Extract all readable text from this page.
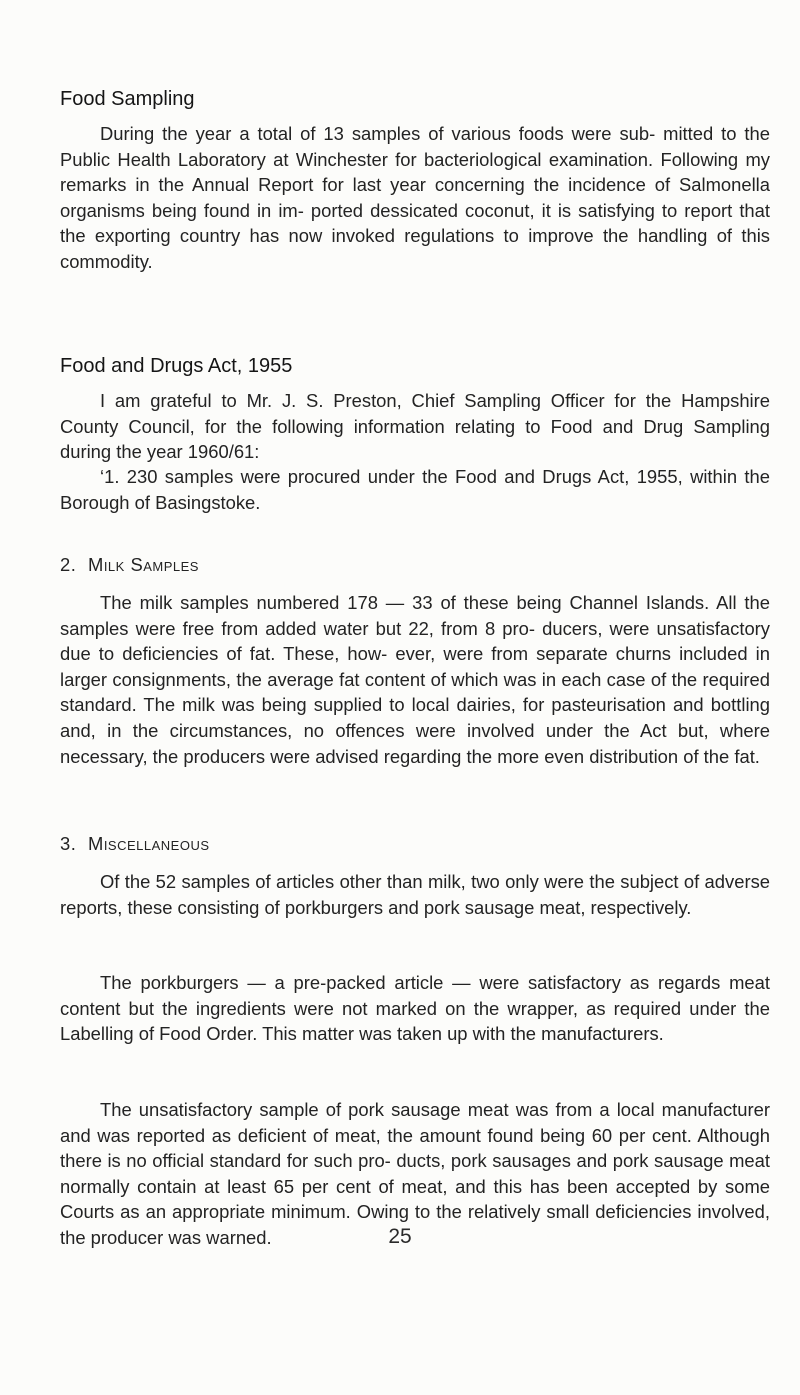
Food Sampling

During the year a total of 13 samples of various foods were sub- mitted to the Public Health Laboratory at Winchester for bacteriological examination. Following my remarks in the Annual Report for last year concerning the incidence of Salmonella organisms being found in im- ported dessicated coconut, it is satisfying to report that the exporting country has now invoked regulations to improve the handling of this commodity.

Food and Drugs Act, 1955

I am grateful to Mr. J. S. Preston, Chief Sampling Officer for the Hampshire County Council, for the following information relating to Food and Drug Sampling during the year 1960/61:

‘1. 230 samples were procured under the Food and Drugs Act, 1955, within the Borough of Basingstoke.

2. Milk Samples

The milk samples numbered 178 — 33 of these being Channel Islands. All the samples were free from added water but 22, from 8 pro- ducers, were unsatisfactory due to deficiencies of fat. These, how- ever, were from separate churns included in larger consignments, the average fat content of which was in each case of the required standard. The milk was being supplied to local dairies, for pasteurisation and bottling and, in the circumstances, no offences were involved under the Act but, where necessary, the producers were advised regarding the more even distribution of the fat.

3. Miscellaneous

Of the 52 samples of articles other than milk, two only were the subject of adverse reports, these consisting of porkburgers and pork sausage meat, respectively.

The porkburgers — a pre-packed article — were satisfactory as regards meat content but the ingredients were not marked on the wrapper, as required under the Labelling of Food Order. This matter was taken up with the manufacturers.

The unsatisfactory sample of pork sausage meat was from a local manufacturer and was reported as deficient of meat, the amount found being 60 per cent. Although there is no official standard for such pro- ducts, pork sausages and pork sausage meat normally contain at least 65 per cent of meat, and this has been accepted by some Courts as an appropriate minimum. Owing to the relatively small deficiencies involved, the producer was warned.	25
